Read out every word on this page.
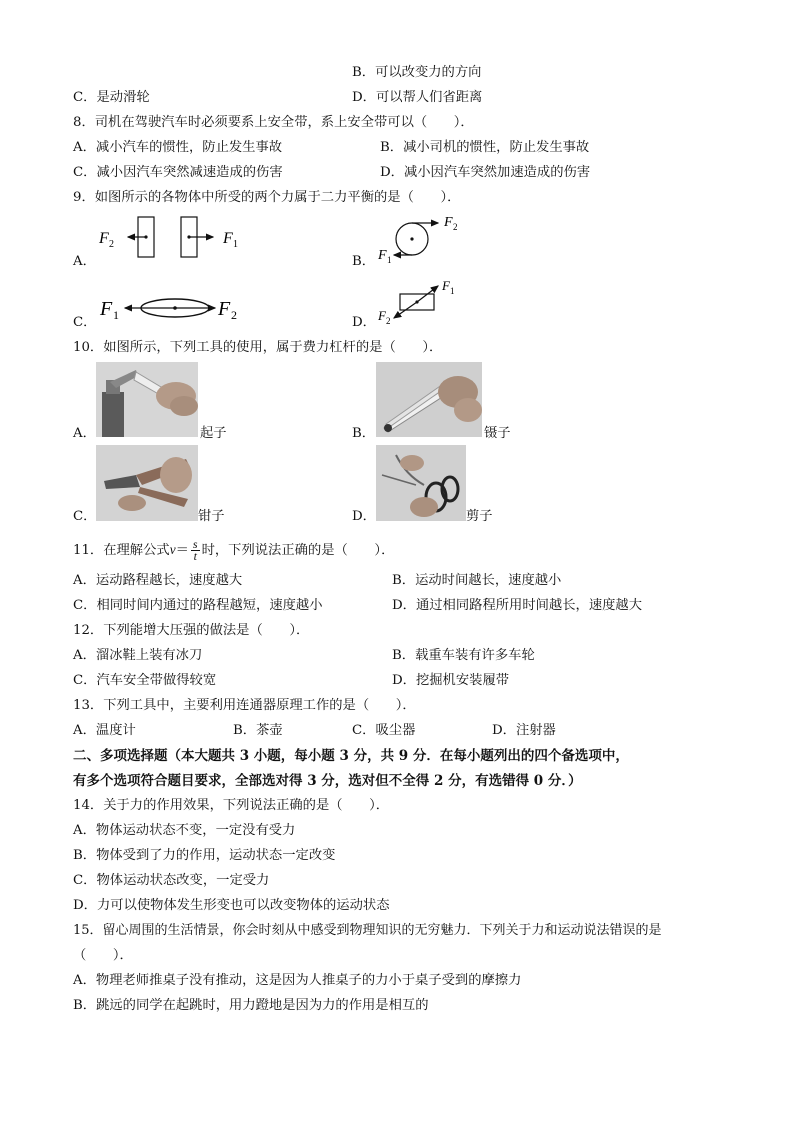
B．可以改变力的方向
C．是动滑轮	D．可以帮人们省距离
8．司机在驾驶汽车时必须要系上安全带，系上安全带可以（　　）．
A．减小汽车的惯性，防止发生事故	B．减小司机的惯性，防止发生事故
C．减小因汽车突然减速造成的伤害	D．减小因汽车突然加速造成的伤害
9．如图所示的各物体中所受的两个力属于二力平衡的是（　　）．
A．
F 2	F 1
B．
F 2
F 1
C．
F 1	F 2	D．
F 1
F 2
10．如图所示，下列工具的使用，属于费力杠杆的是（　　）．
A．	起子	B．	镊子
C．	钳子	D．	剪子
11．在理解公式$v= \frac{s}{t}$ 时，下列说法正确的是（　　）．
A．运动路程越长，速度越大	B．运动时间越长，速度越小
C．相同时间内通过的路程越短，速度越小	D．通过相同路程所用时间越长，速度越大
12．下列能增大压强的做法是（　　）．
A．溜冰鞋上装有冰刀	B．载重车装有许多车轮
C．汽车安全带做得较宽	D．挖掘机安装履带
13．下列工具中，主要利用连通器原理工作的是（　　）．
A．温度计	B．茶壶	C．吸尘器	D．注射器
二、多项选择题（本大题共 3 小题，每小题 3 分，共 9 分．在每小题列出的四个备选项中，
有多个选项符合题目要求，全部选对得 3 分，选对但不全得 2 分，有选错得 0 分．）
14．关于力的作用效果，下列说法正确的是（　　）．
A．物体运动状态不变，一定没有受力
B．物体受到了力的作用，运动状态一定改变
C．物体运动状态改变，一定受力
D．力可以使物体发生形变也可以改变物体的运动状态
15．留心周围的生活情景，你会时刻从中感受到物理知识的无穷魅力．下列关于力和运动说法错误的是
（　　）．
A．物理老师推桌子没有推动，这是因为人推桌子的力小于桌子受到的摩擦力
B．跳远的同学在起跳时，用力蹬地是因为力的作用是相互的
